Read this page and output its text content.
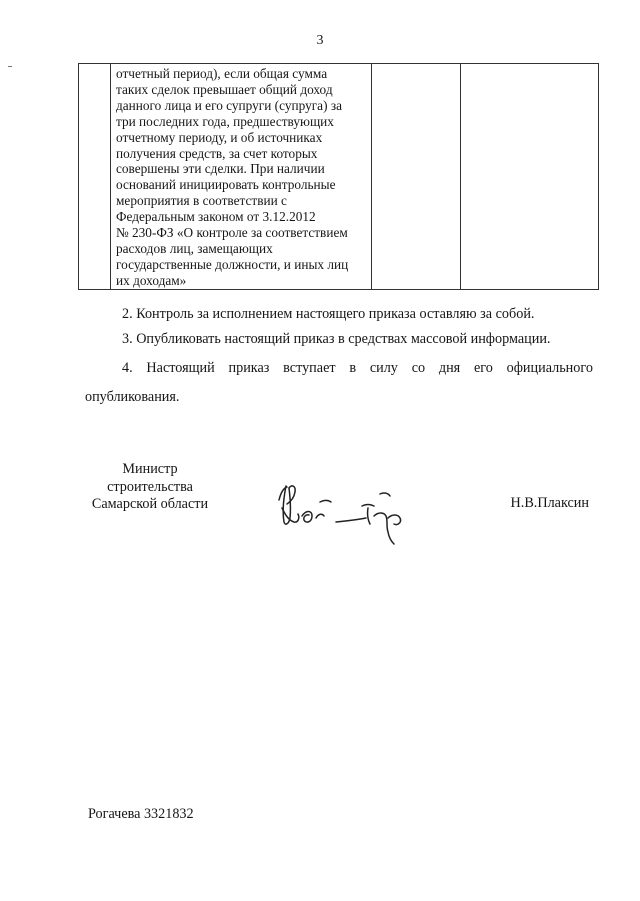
3

отчетный период), если общая сумма
таких сделок превышает общий доход
данного лица и его супруги (супруга) за
три последних года, предшествующих
отчетному периоду, и об источниках
получения средств, за счет которых
совершены эти сделки. При наличии
оснований инициировать контрольные
мероприятия в соответствии с
Федеральным законом от 3.12.2012
№ 230-ФЗ «О контроле за соответствием
расходов лиц, замещающих
государственные должности, и иных лиц
их доходам»

2. Контроль за исполнением настоящего приказа оставляю за собой.
3. Опубликовать настоящий приказ в средствах массовой информации.
4. Настоящий приказ вступает в силу со дня его официального
опубликования.
Министр
строительства
Самарской области	Н.В.Плаксин
Рогачева 3321832
